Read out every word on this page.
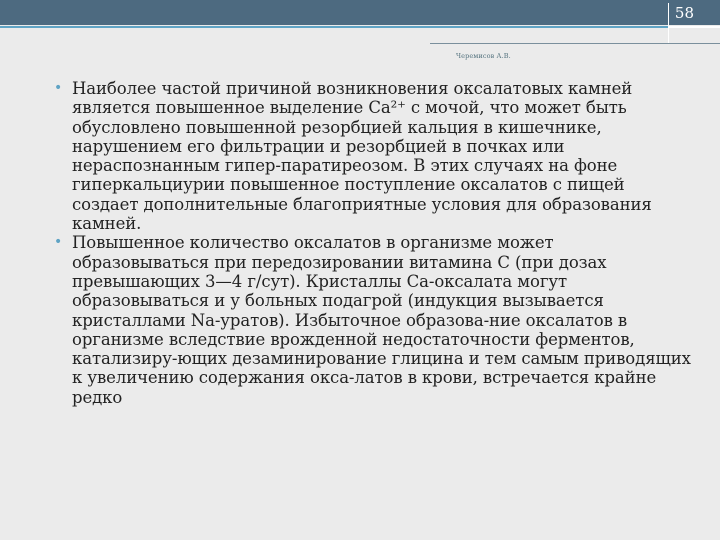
58
Черемисов А.В.
• Наиболее частой причиной возникновения оксалатовых камней является повышенное выделение Ca²⁺ с мочой, что может быть обусловлено повышенной резорбцией кальция в кишечнике, нарушением его фильтрации и резорбцией в почках или нераспознанным гипер-паратиреозом. В этих случаях на фоне гиперкальциурии повышенное поступление оксалатов с пищей создает дополнительные благоприятные условия для образования камней.
• Повышенное количество оксалатов в организме может образовываться при передозировании витамина С (при дозах превышающих 3—4 г/сут). Кристаллы Са-оксалата могут образовываться и у больных подагрой (индукция вызывается кристаллами Na-уратов). Избыточное образова-ние оксалатов в организме вследствие врожденной недостаточности ферментов, катализиру-ющих дезаминирование глицина и тем самым приводящих к увеличению содержания окса-латов в крови, встречается крайне редко
